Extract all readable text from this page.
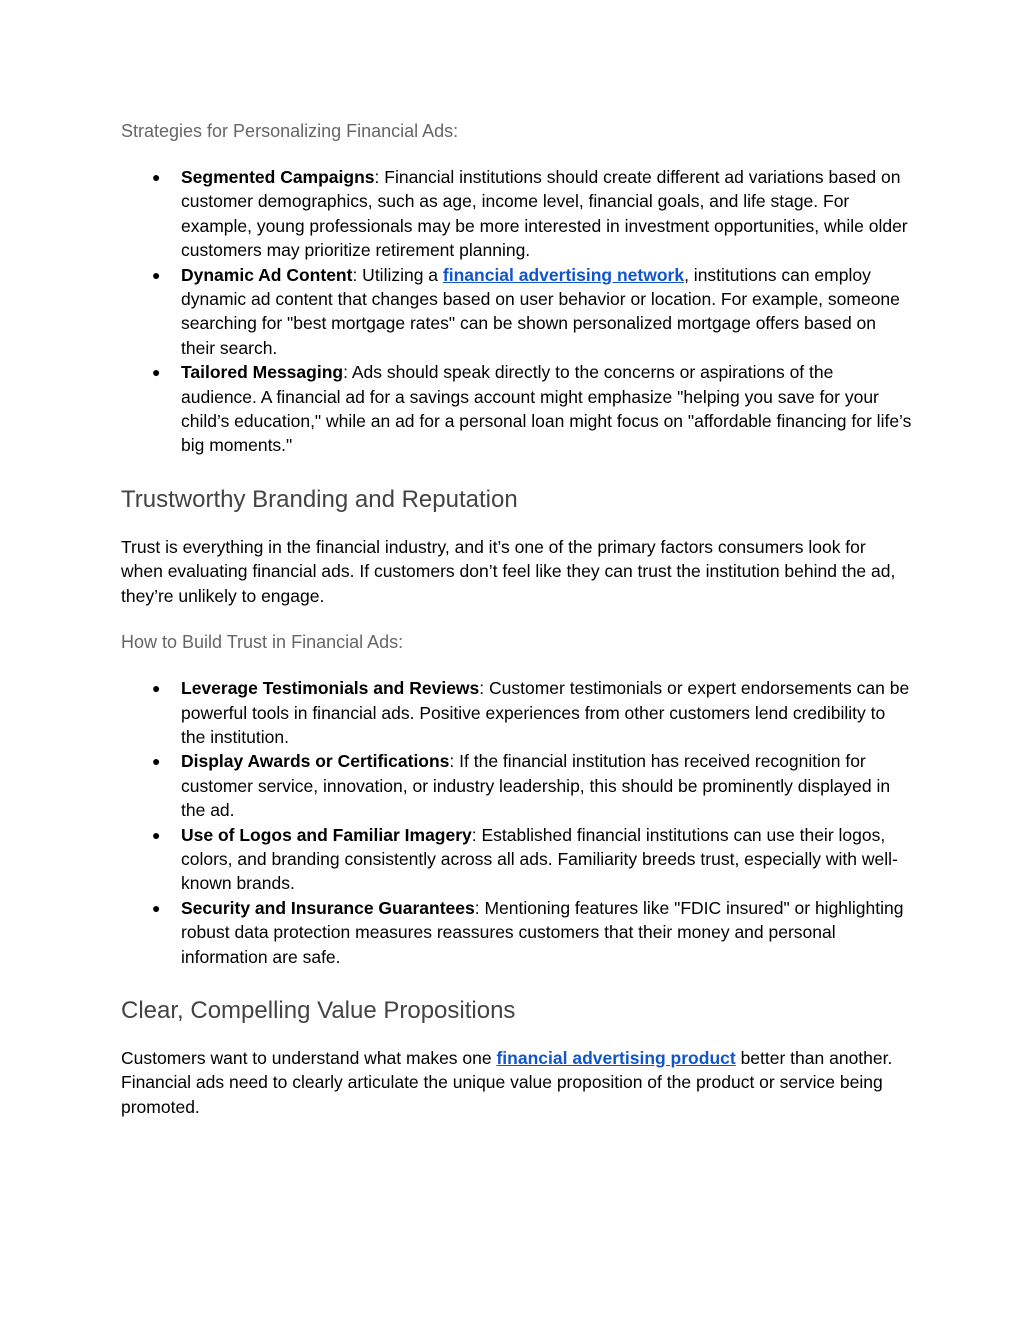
Strategies for Personalizing Financial Ads:

● Segmented Campaigns: Financial institutions should create different ad variations based on customer demographics, such as age, income level, financial goals, and life stage. For example, young professionals may be more interested in investment opportunities, while older customers may prioritize retirement planning.
● Dynamic Ad Content: Utilizing a financial advertising network, institutions can employ dynamic ad content that changes based on user behavior or location. For example, someone searching for "best mortgage rates" can be shown personalized mortgage offers based on their search.
● Tailored Messaging: Ads should speak directly to the concerns or aspirations of the audience. A financial ad for a savings account might emphasize "helping you save for your child’s education," while an ad for a personal loan might focus on "affordable financing for life’s big moments."
Trustworthy Branding and Reputation

Trust is everything in the financial industry, and it’s one of the primary factors consumers look for when evaluating financial ads. If customers don’t feel like they can trust the institution behind the ad, they’re unlikely to engage.

How to Build Trust in Financial Ads:

● Leverage Testimonials and Reviews: Customer testimonials or expert endorsements can be powerful tools in financial ads. Positive experiences from other customers lend credibility to the institution.
● Display Awards or Certifications: If the financial institution has received recognition for customer service, innovation, or industry leadership, this should be prominently displayed in the ad.
● Use of Logos and Familiar Imagery: Established financial institutions can use their logos, colors, and branding consistently across all ads. Familiarity breeds trust, especially with well-known brands.
● Security and Insurance Guarantees: Mentioning features like "FDIC insured" or highlighting robust data protection measures reassures customers that their money and personal information are safe.
Clear, Compelling Value Propositions

Customers want to understand what makes one financial advertising product better than another. Financial ads need to clearly articulate the unique value proposition of the product or service being promoted.
